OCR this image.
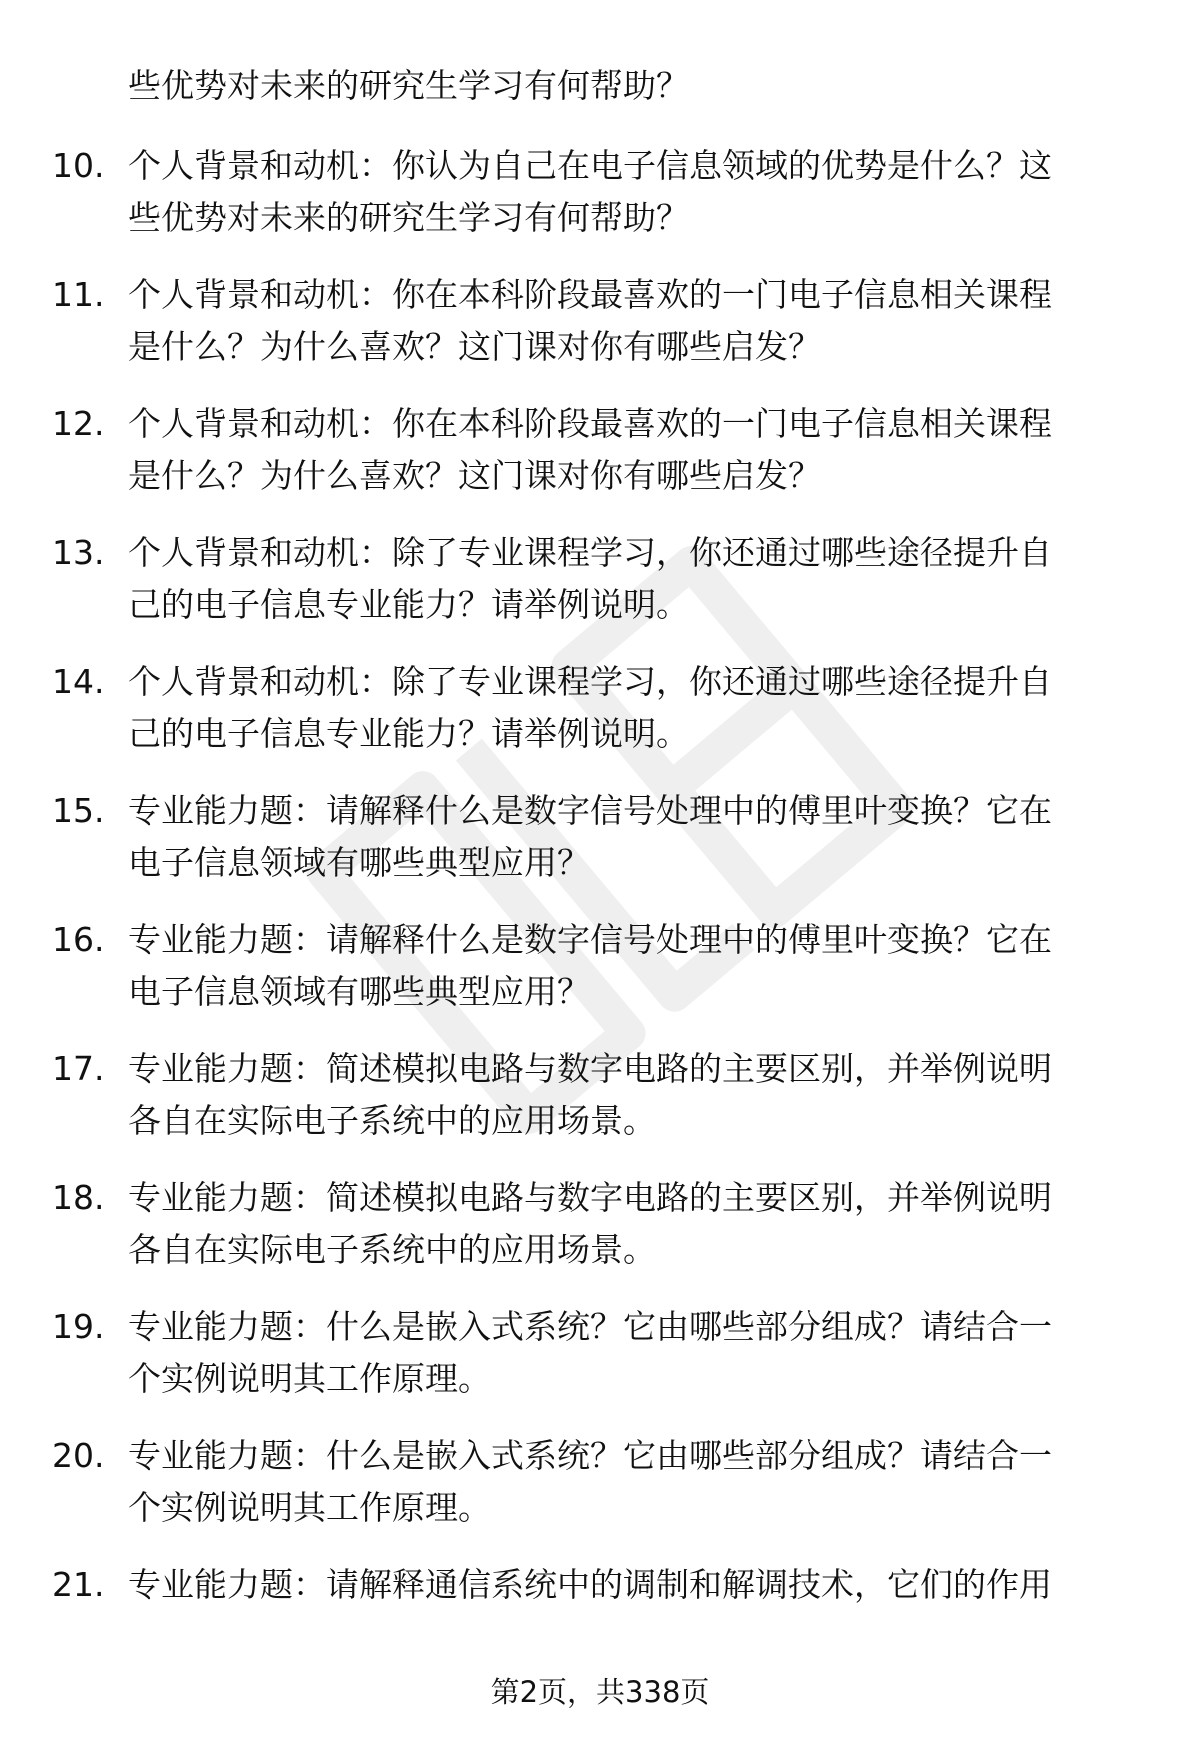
些优势对未来的研究生学习有何帮助？
10. 个人背景和动机：你认为自己在电子信息领域的优势是什么？这
些优势对未来的研究生学习有何帮助？
11. 个人背景和动机：你在本科阶段最喜欢的一门电子信息相关课程
是什么？为什么喜欢？这门课对你有哪些启发？
12. 个人背景和动机：你在本科阶段最喜欢的一门电子信息相关课程
是什么？为什么喜欢？这门课对你有哪些启发？
13. 个人背景和动机：除了专业课程学习，你还通过哪些途径提升自
己的电子信息专业能力？请举例说明。
14. 个人背景和动机：除了专业课程学习，你还通过哪些途径提升自
己的电子信息专业能力？请举例说明。
15. 专业能力题：请解释什么是数字信号处理中的傅里叶变换？它在
电子信息领域有哪些典型应用？
16. 专业能力题：请解释什么是数字信号处理中的傅里叶变换？它在
电子信息领域有哪些典型应用？
17. 专业能力题：简述模拟电路与数字电路的主要区别，并举例说明
各自在实际电子系统中的应用场景。
18. 专业能力题：简述模拟电路与数字电路的主要区别，并举例说明
各自在实际电子系统中的应用场景。
19. 专业能力题：什么是嵌入式系统？它由哪些部分组成？请结合一
个实例说明其工作原理。
20. 专业能力题：什么是嵌入式系统？它由哪些部分组成？请结合一
个实例说明其工作原理。
21. 专业能力题：请解释通信系统中的调制和解调技术，它们的作用
第2页，共338页
